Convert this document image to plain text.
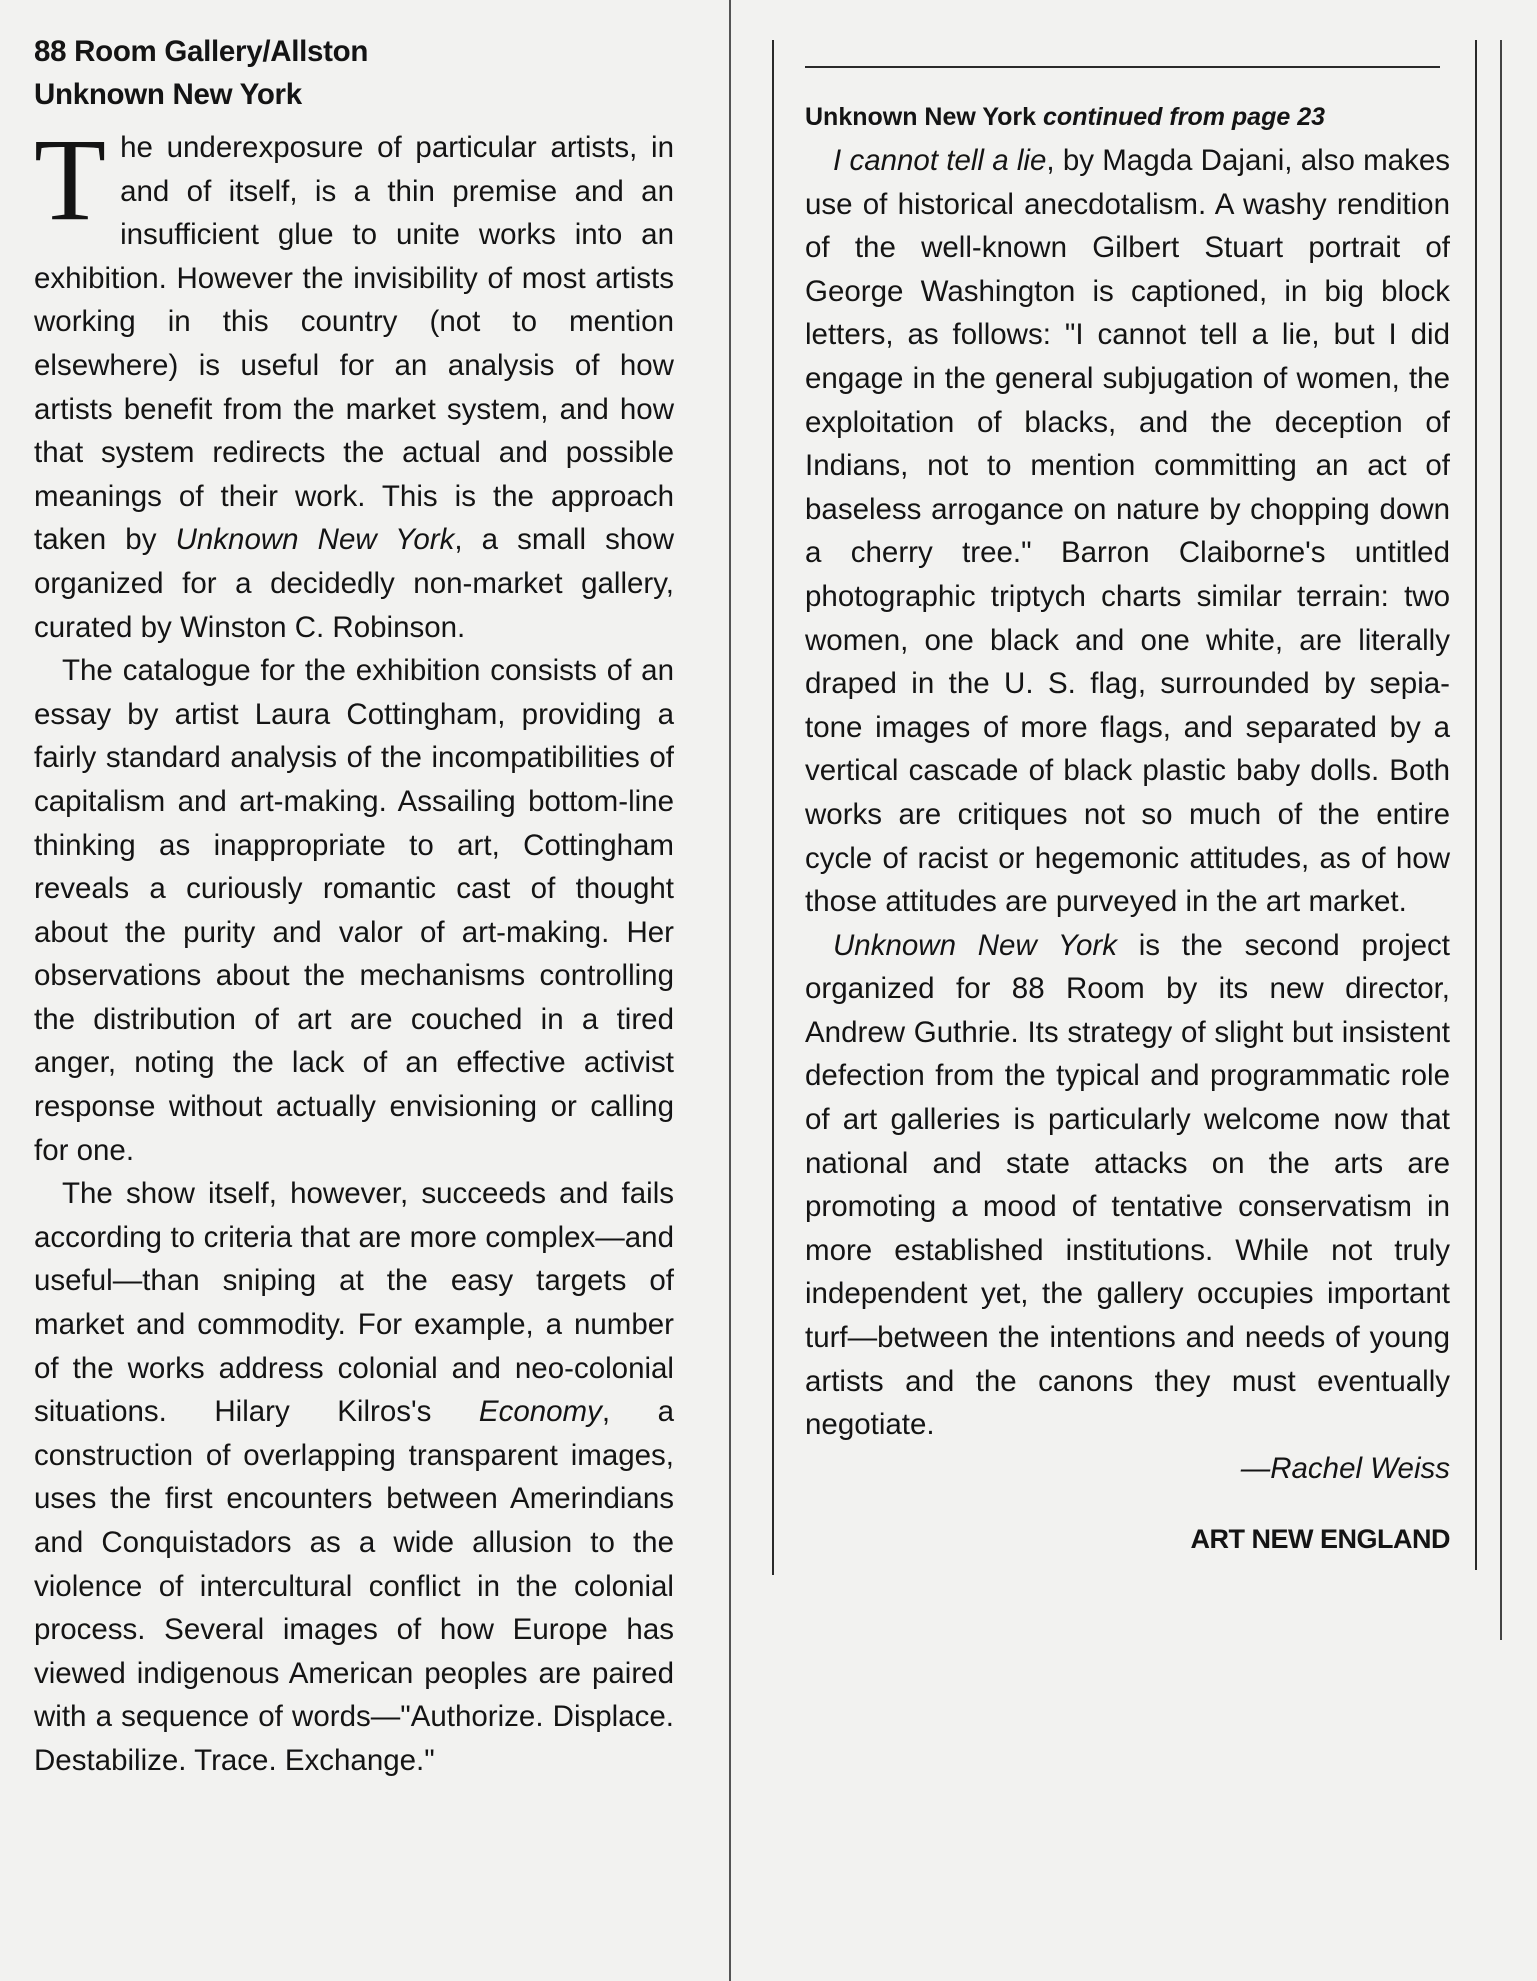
88 Room Gallery/Allston
Unknown New York

The underexposure of particular artists, in and of itself, is a thin premise and an insufficient glue to unite works into an exhibition. However the invisibility of most artists working in this country (not to mention elsewhere) is useful for an analysis of how artists benefit from the market system, and how that system redirects the actual and possible meanings of their work. This is the approach taken by Unknown New York, a small show organized for a decidedly non-market gallery, curated by Winston C. Robinson.

The catalogue for the exhibition consists of an essay by artist Laura Cottingham, providing a fairly standard analysis of the incompatibilities of capitalism and art-making. Assailing bottom-line thinking as inappropriate to art, Cottingham reveals a curiously romantic cast of thought about the purity and valor of art-making. Her observations about the mechanisms controlling the distribution of art are couched in a tired anger, noting the lack of an effective activist response without actually envisioning or calling for one.

The show itself, however, succeeds and fails according to criteria that are more complex—and useful—than sniping at the easy targets of market and commodity. For example, a number of the works address colonial and neo-colonial situations. Hilary Kilros's Economy, a construction of overlapping transparent images, uses the first encounters between Amerindians and Conquistadors as a wide allusion to the violence of intercultural conflict in the colonial process. Several images of how Europe has viewed indigenous American peoples are paired with a sequence of words—"Authorize. Displace. Destabilize. Trace. Exchange."

Unknown New York continued from page 23

I cannot tell a lie, by Magda Dajani, also makes use of historical anecdotalism. A washy rendition of the well-known Gilbert Stuart portrait of George Washington is captioned, in big block letters, as follows: "I cannot tell a lie, but I did engage in the general subjugation of women, the exploitation of blacks, and the deception of Indians, not to mention committing an act of baseless arrogance on nature by chopping down a cherry tree." Barron Claiborne's untitled photographic triptych charts similar terrain: two women, one black and one white, are literally draped in the U. S. flag, surrounded by sepia-tone images of more flags, and separated by a vertical cascade of black plastic baby dolls. Both works are critiques not so much of the entire cycle of racist or hegemonic attitudes, as of how those attitudes are purveyed in the art market.

Unknown New York is the second project organized for 88 Room by its new director, Andrew Guthrie. Its strategy of slight but insistent defection from the typical and programmatic role of art galleries is particularly welcome now that national and state attacks on the arts are promoting a mood of tentative conservatism in more established institutions. While not truly independent yet, the gallery occupies important turf—between the intentions and needs of young artists and the canons they must eventually negotiate.

—Rachel Weiss
ART NEW ENGLAND
